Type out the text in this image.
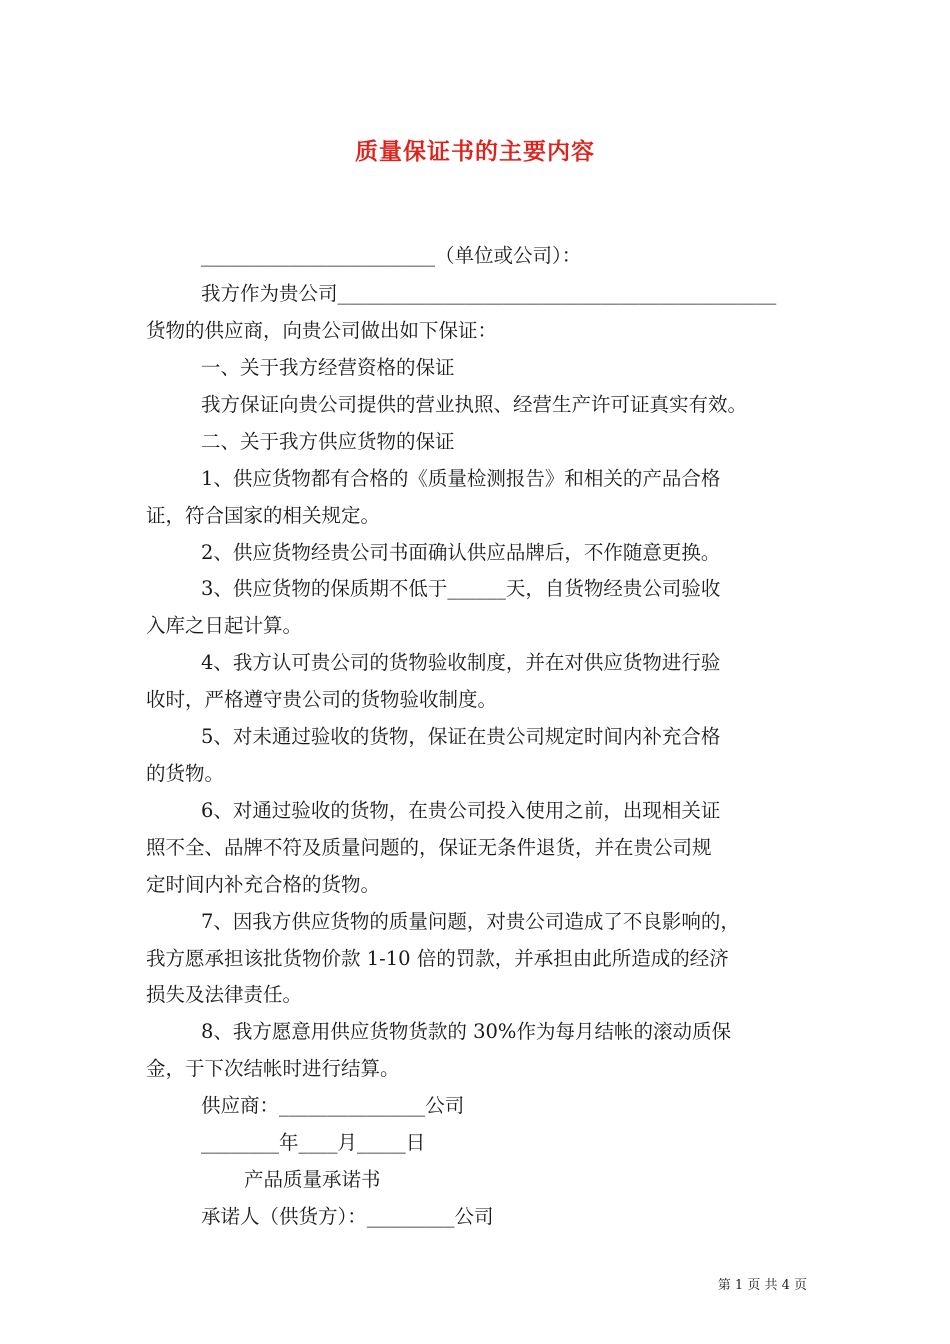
质量保证书的主要内容
________________________（单位或公司）：
我方作为贵公司_____________________________________________
货物的供应商，向贵公司做出如下保证：
一、关于我方经营资格的保证
我方保证向贵公司提供的营业执照、经营生产许可证真实有效。
二、关于我方供应货物的保证
1、供应货物都有合格的《质量检测报告》和相关的产品合格
证，符合国家的相关规定。
2、供应货物经贵公司书面确认供应品牌后，不作随意更换。
3、供应货物的保质期不低于______天，自货物经贵公司验收
入库之日起计算。
4、我方认可贵公司的货物验收制度，并在对供应货物进行验
收时，严格遵守贵公司的货物验收制度。
5、对未通过验收的货物，保证在贵公司规定时间内补充合格
的货物。
6、对通过验收的货物，在贵公司投入使用之前，出现相关证
照不全、品牌不符及质量问题的，保证无条件退货，并在贵公司规
定时间内补充合格的货物。
7、因我方供应货物的质量问题，对贵公司造成了不良影响的，
我方愿承担该批货物价款 1-10 倍的罚款，并承担由此所造成的经济
损失及法律责任。
8、我方愿意用供应货物货款的 30%作为每月结帐的滚动质保
金，于下次结帐时进行结算。
供应商：_______________公司
________年____月_____日
产品质量承诺书
承诺人（供货方）：_________公司
第 1 页 共 4 页
